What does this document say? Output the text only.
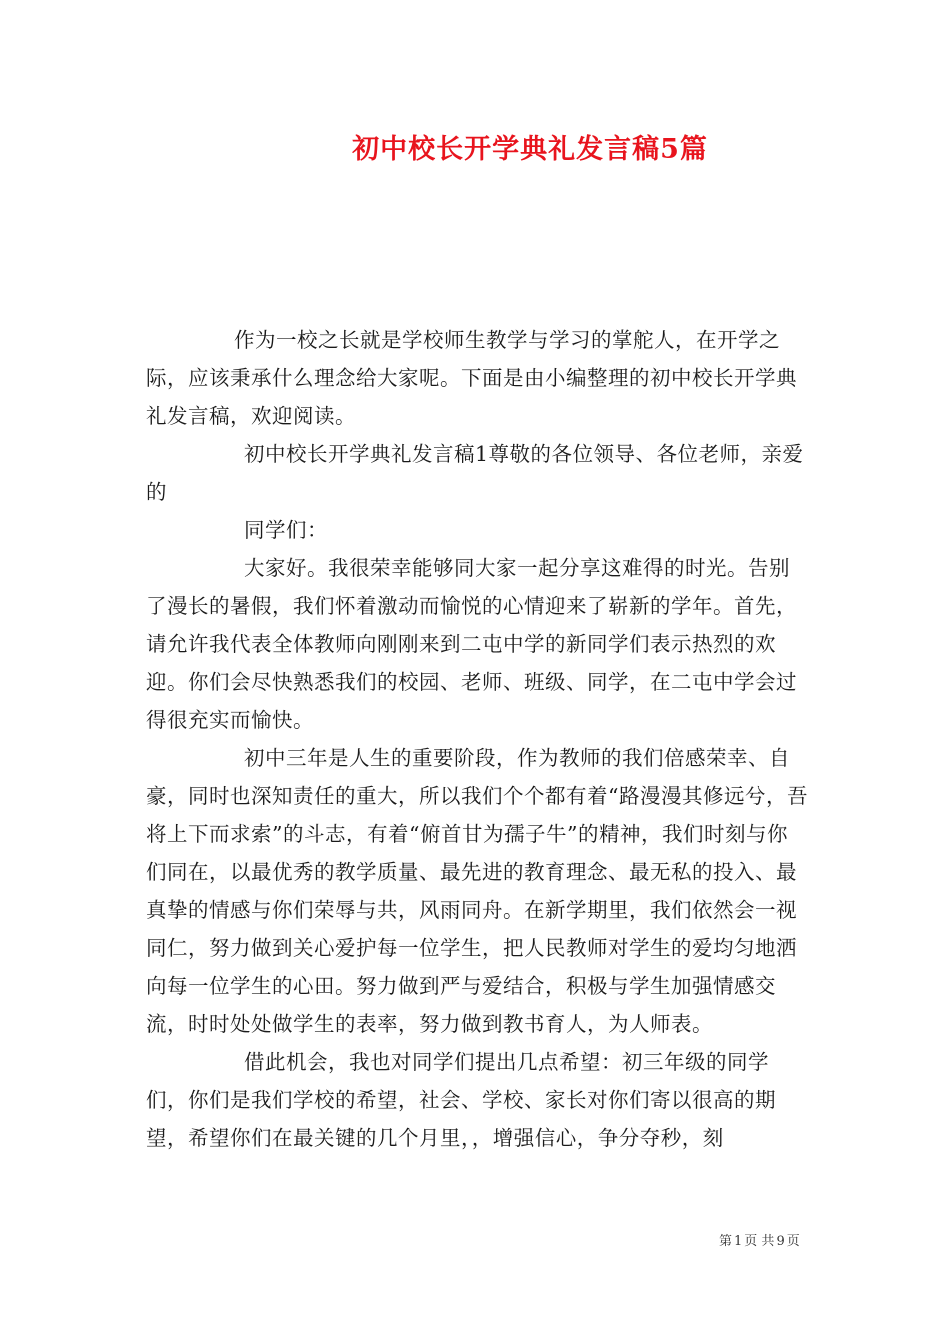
初中校长开学典礼发言稿5篇

作为一校之长就是学校师生教学与学习的掌舵人，在开学之际，应该秉承什么理念给大家呢。下面是由小编整理的初中校长开学典礼发言稿，欢迎阅读。

初中校长开学典礼发言稿1尊敬的各位领导、各位老师，亲爱的

同学们：

大家好。我很荣幸能够同大家一起分享这难得的时光。告别了漫长的暑假，我们怀着激动而愉悦的心情迎来了崭新的学年。首先，请允许我代表全体教师向刚刚来到二屯中学的新同学们表示热烈的欢迎。你们会尽快熟悉我们的校园、老师、班级、同学，在二屯中学会过得很充实而愉快。

初中三年是人生的重要阶段，作为教师的我们倍感荣幸、自豪，同时也深知责任的重大，所以我们个个都有着“路漫漫其修远兮，吾将上下而求索”的斗志，有着“俯首甘为孺子牛”的精神，我们时刻与你们同在，以最优秀的教学质量、最先进的教育理念、最无私的投入、最真挚的情感与你们荣辱与共，风雨同舟。在新学期里，我们依然会一视同仁，努力做到关心爱护每一位学生，把人民教师对学生的爱均匀地洒向每一位学生的心田。努力做到严与爱结合，积极与学生加强情感交流，时时处处做学生的表率，努力做到教书育人，为人师表。

借此机会，我也对同学们提出几点希望：初三年级的同学们，你们是我们学校的希望，社会、学校、家长对你们寄以很高的期望，希望你们在最关键的几个月里，，增强信心，争分夺秒，刻

第 1 页 共 9 页
